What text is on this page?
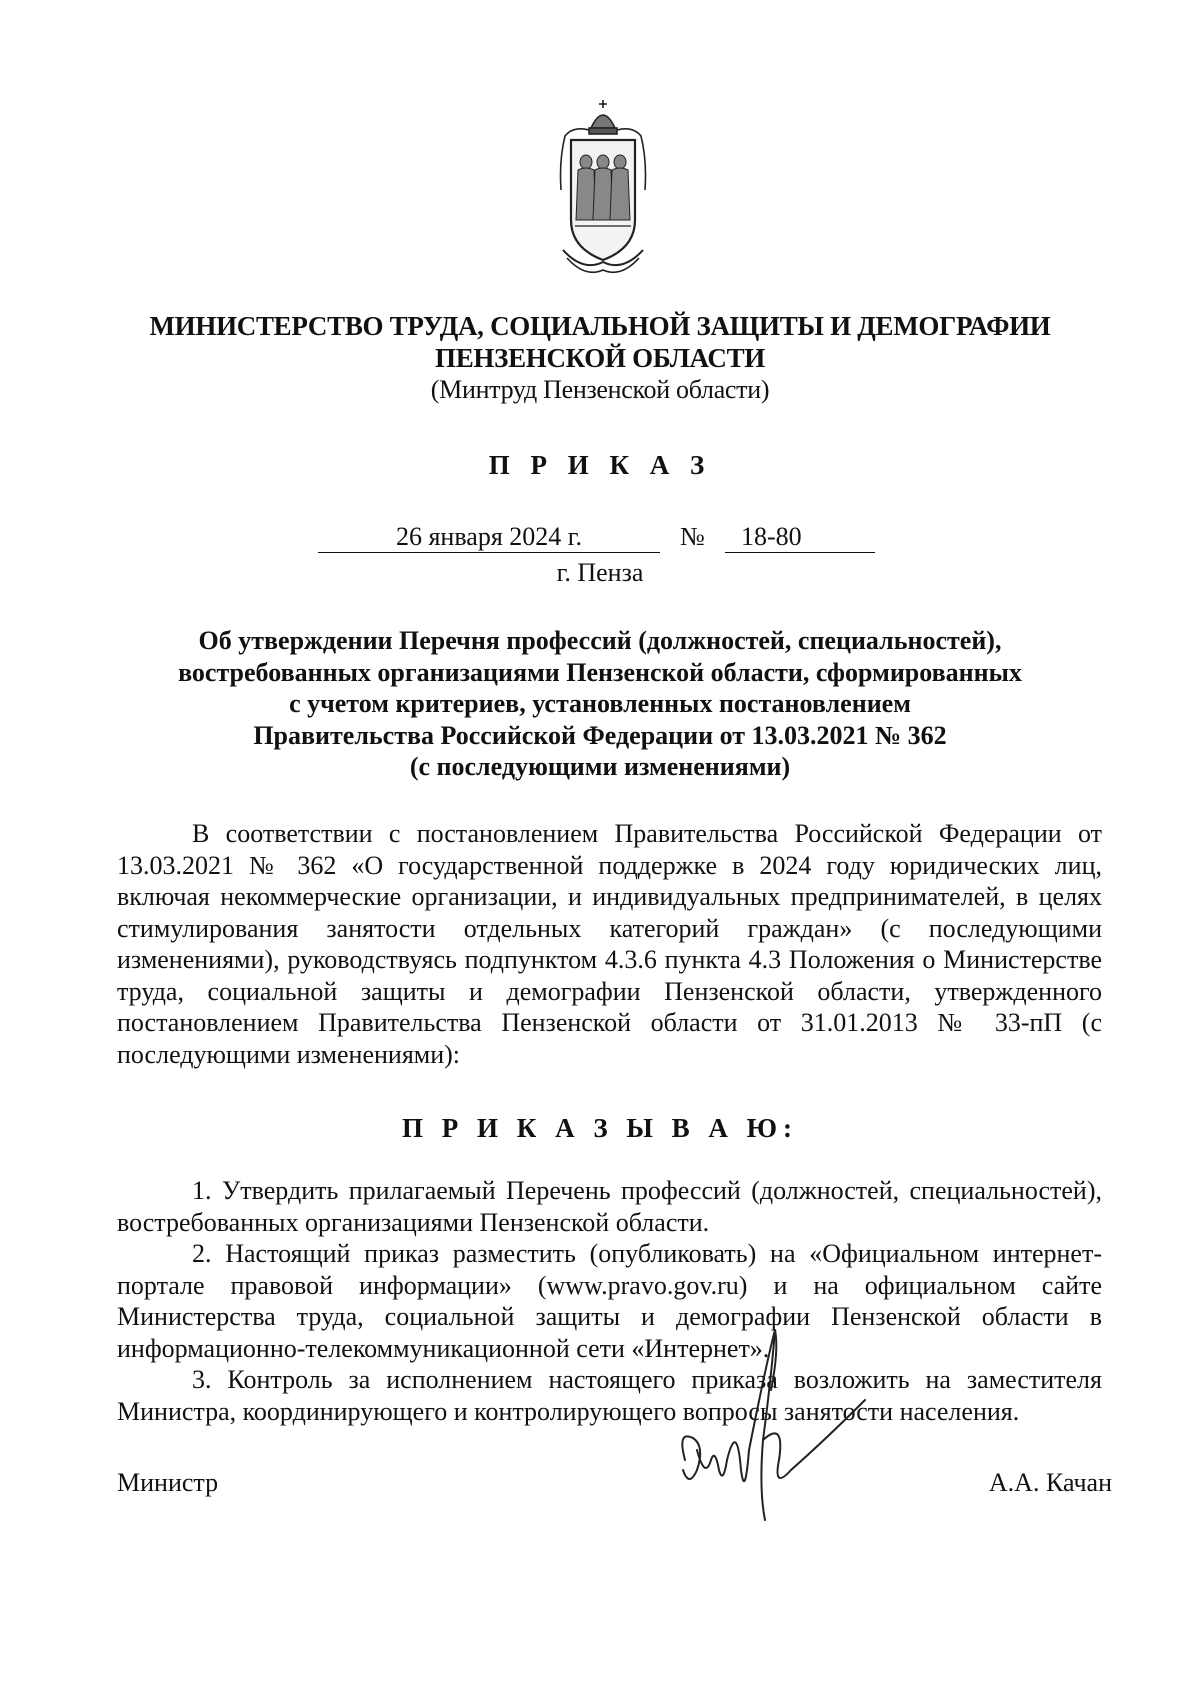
МИНИСТЕРСТВО ТРУДА, СОЦИАЛЬНОЙ ЗАЩИТЫ И ДЕМОГРАФИИ
ПЕНЗЕНСКОЙ ОБЛАСТИ
(Минтруд Пензенской области)
П Р И К А З
26 января 2024 г.	№	18-80
г. Пенза
Об утверждении Перечня профессий (должностей, специальностей),
востребованных организациями Пензенской области, сформированных
с учетом критериев, установленных постановлением
Правительства Российской Федерации от 13.03.2021 № 362
(с последующими изменениями)

В соответствии с постановлением Правительства Российской Федерации от 13.03.2021 № 362 «О государственной поддержке в 2024 году юридических лиц, включая некоммерческие организации, и индивидуальных предпринимателей, в целях стимулирования занятости отдельных категорий граждан» (с последующими изменениями), руководствуясь подпунктом 4.3.6 пункта 4.3 Положения о Министерстве труда, социальной защиты и демографии Пензенской области, утвержденного постановлением Правительства Пензенской области от 31.01.2013 № 33-пП (с последующими изменениями):

П Р И К А З Ы В А Ю:

1. Утвердить прилагаемый Перечень профессий (должностей, специальностей), востребованных организациями Пензенской области.

2. Настоящий приказ разместить (опубликовать) на «Официальном интернет-портале правовой информации» (www.pravo.gov.ru) и на официальном сайте Министерства труда, социальной защиты и демографии Пензенской области в информационно-телекоммуникационной сети «Интернет».

3. Контроль за исполнением настоящего приказа возложить на заместителя Министра, координирующего и контролирующего вопросы занятости населения.

Министр	А.А. Качан
